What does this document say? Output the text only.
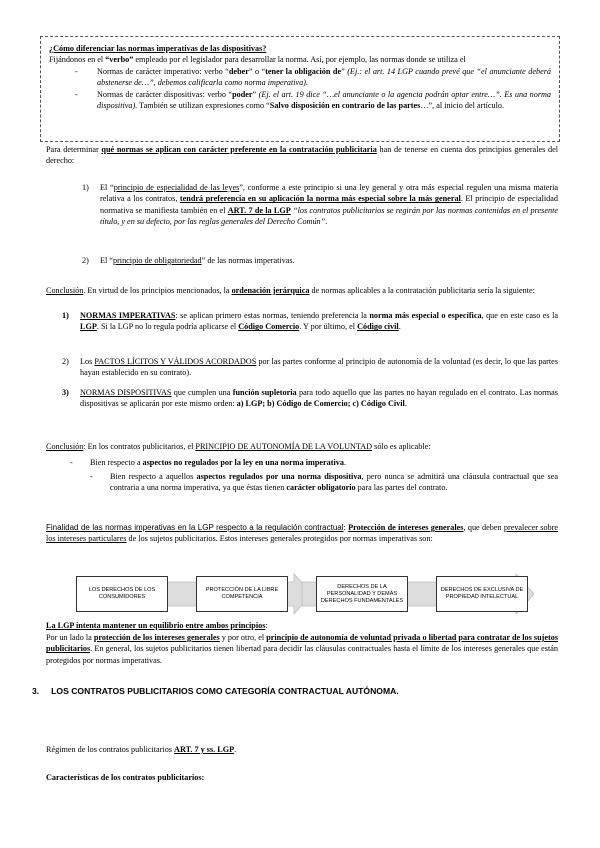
¿Cómo diferenciar las normas imperativas de las dispositivas?

Fijándonos en el “verbo” empleado por el legislador para desarrollar la norma. Así, por ejemplo, las normas donde se utiliza el

- Normas de carácter imperativo: verbo “deber” o “tener la obligación de” (Ej.: el art. 14 LGP cuando prevé que “el anunciante deberá abstenerse de…”, debemos calificarla como norma imperativa).

- Normas de carácter dispositivas: verbo “poder” (Ej. el art. 19 dice “…el anunciante o la agencia podrán optar entre…”. Es una norma dispositiva). También se utilizan expresiones como “Salvo disposición en contrario de las partes…”, al inicio del artículo.

Para determinar qué normas se aplican con carácter preferente en la contratación publicitaria han de tenerse en cuenta dos principios generales del derecho:
1) El “principio de especialidad de las leyes”, conforme a este principio si una ley general y otra más especial regulen una misma materia relativa a los contratos, tendrá preferencia en su aplicación la norma más especial sobre la más general. El principio de especialidad normativa se manifiesta también en el ART. 7 de la LGP “los contratos publicitarios se regirán por las normas contenidas en el presente título, y en su defecto, por las reglas generales del Derecho Común”.
2) El “principio de obligatoriedad” de las normas imperativas.
Conclusión. En virtud de los principios mencionados, la ordenación jerárquica de normas aplicables a la contratación publicitaria sería la siguiente:
1) NORMAS IMPERATIVAS: se aplican primero estas normas, teniendo preferencia la norma más especial o específica, que en este caso es la LGP. Si la LGP no lo regula podría aplicarse el Código Comercio. Y por último, el Código civil.
2) Los PACTOS LÍCITOS Y VÁLIDOS ACORDADOS por las partes conforme al principio de autonomía de la voluntad (es decir, lo que las partes hayan establecido en su contrato).
3) NORMAS DISPOSITIVAS que cumplen una función supletoria para todo aquello que las partes no hayan regulado en el contrato. Las normas dispositivas se aplicarán por este mismo orden: a) LGP; b) Código de Comercio; c) Código Civil.
Conclusión: En los contratos publicitarios, el PRINCIPIO DE AUTONOMÍA DE LA VOLUNTAD sólo es aplicable:
- Bien respecto a aspectos no regulados por la ley en una norma imperativa.
- Bien respecto a aquellos aspectos regulados por una norma dispositiva, pero nunca se admitirá una cláusula contractual que sea contraria a una norma imperativa, ya que éstas tienen carácter obligatorio para las partes del contrato.
Finalidad de las normas imperativas en la LGP respecto a la regulación contractual: Protección de intereses generales, que deben prevalecer sobre los intereses particulares de los sujetos publicitarios. Estos intereses generales protegidos por normas imperativas son:
LOS DERECHOS DE LOS CONSUMIDORES
PROTECCIÓN DE LA LIBRE COMPETENCIA
DERECHOS DE LA PERSONALIDAD Y DEMÁS DERECHOS FUNDAMENTALES
DERECHOS DE EXCLUSIVA DE PROPIEDAD INTELECTUAL
La LGP intenta mantener un equilibrio entre ambos principios:
Por un lado la protección de los intereses generales y por otro, el principio de autonomía de voluntad privada o libertad para contratar de los sujetos publicitarios. En general, los sujetos publicitarios tienen libertad para decidir las cláusulas contractuales hasta el límite de los intereses generales que están protegidos por normas imperativas.
3. LOS CONTRATOS PUBLICITARIOS COMO CATEGORÍA CONTRACTUAL AUTÓNOMA.
Régimen de los contratos publicitarios ART. 7 y ss. LGP.
Características de los contratos publicitarios:
